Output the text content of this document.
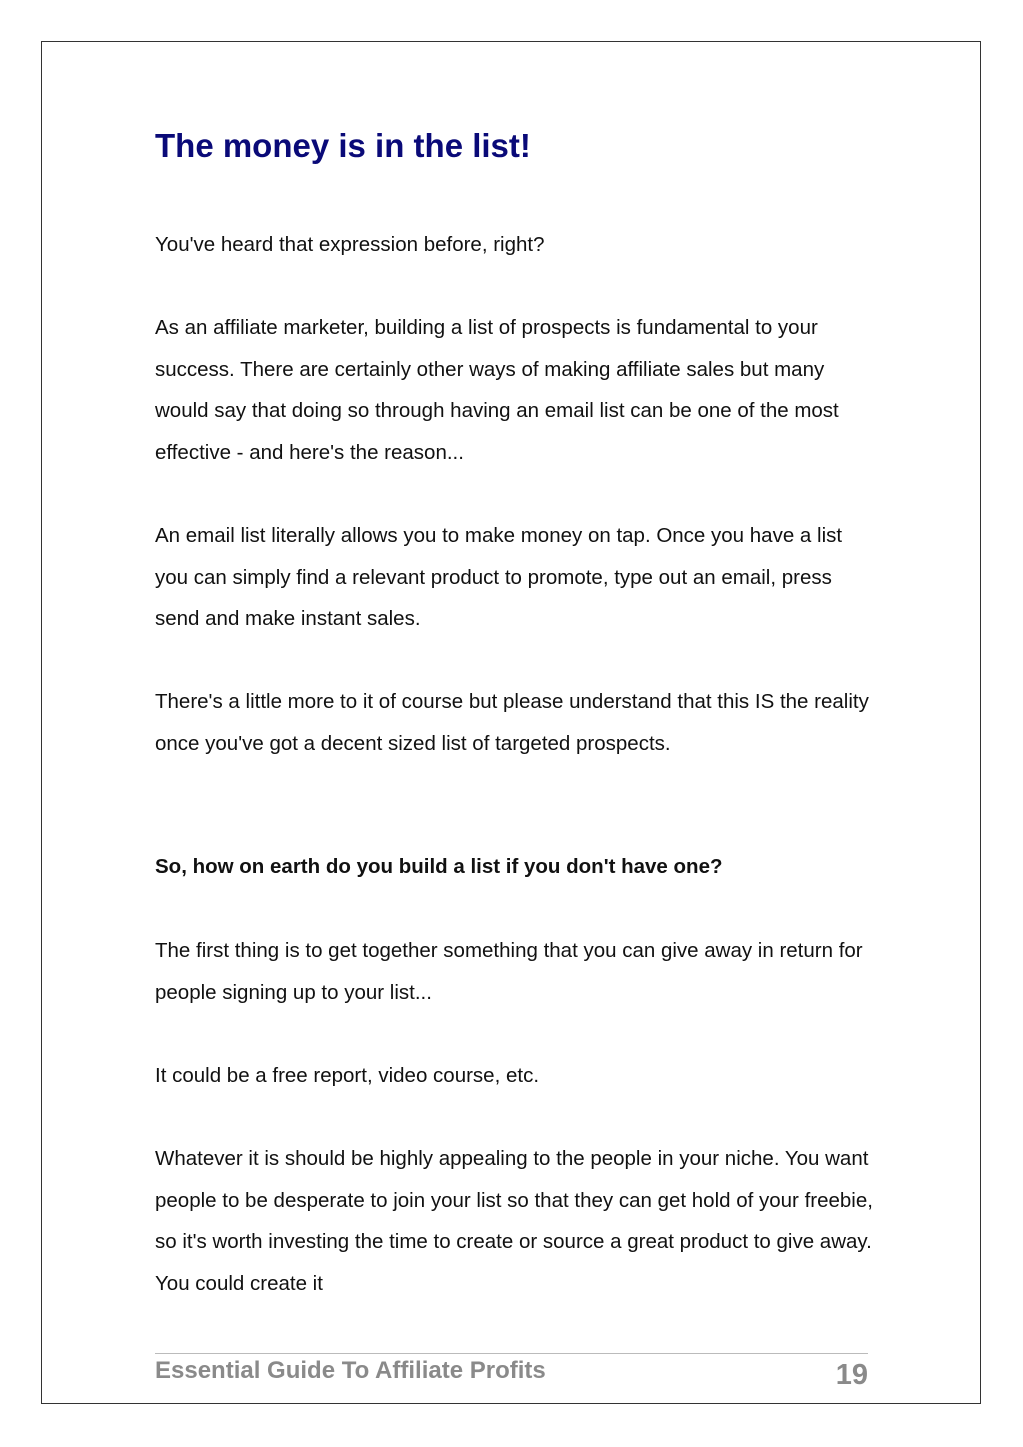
The money is in the list!

You've heard that expression before, right?

As an affiliate marketer, building a list of prospects is fundamental to your success. There are certainly other ways of making affiliate sales but many would say that doing so through having an email list can be one of the most effective - and here's the reason...

An email list literally allows you to make money on tap. Once you have a list you can simply find a relevant product to promote, type out an email, press send and make instant sales.

There's a little more to it of course but please understand that this IS the reality once you've got a decent sized list of targeted prospects.

So, how on earth do you build a list if you don't have one?

The first thing is to get together something that you can give away in return for people signing up to your list...

It could be a free report, video course, etc.

Whatever it is should be highly appealing to the people in your niche. You want people to be desperate to join your list so that they can get hold of your freebie, so it's worth investing the time to create or source a great product to give away. You could create it

Essential Guide To Affiliate Profits	19
